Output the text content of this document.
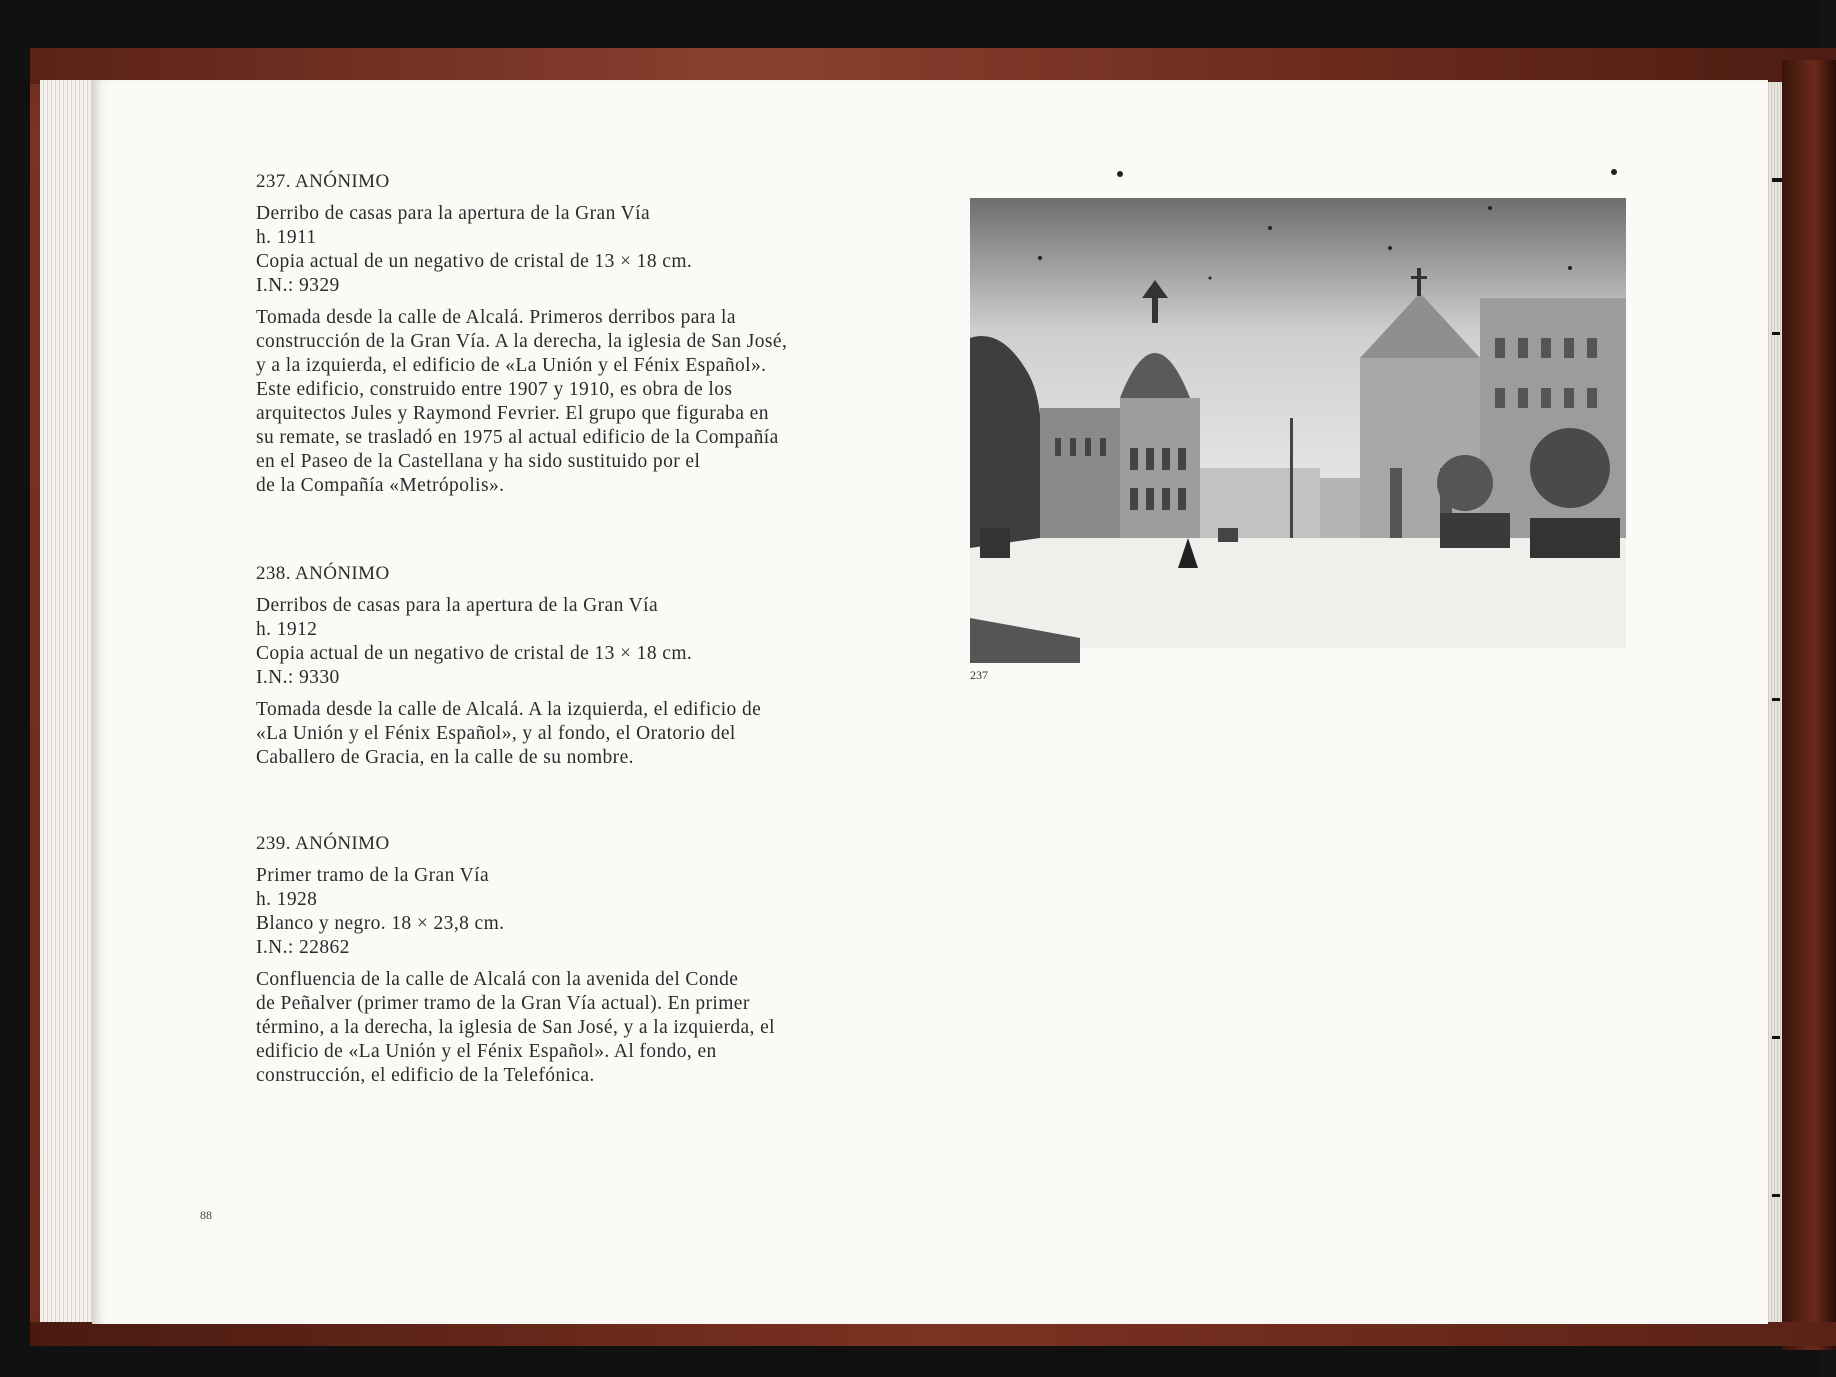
237. ANÓNIMO

Derribo de casas para la apertura de la Gran Vía

h. 1911

Copia actual de un negativo de cristal de 13 × 18 cm.

I.N.: 9329

Tomada desde la calle de Alcalá. Primeros derribos para la

construcción de la Gran Vía. A la derecha, la iglesia de San José,

y a la izquierda, el edificio de «La Unión y el Fénix Español».

Este edificio, construido entre 1907 y 1910, es obra de los

arquitectos Jules y Raymond Fevrier. El grupo que figuraba en

su remate, se trasladó en 1975 al actual edificio de la Compañía

en el Paseo de la Castellana y ha sido sustituido por el

de la Compañía «Metrópolis».

238. ANÓNIMO

Derribos de casas para la apertura de la Gran Vía

h. 1912

Copia actual de un negativo de cristal de 13 × 18 cm.

I.N.: 9330

Tomada desde la calle de Alcalá. A la izquierda, el edificio de

«La Unión y el Fénix Español», y al fondo, el Oratorio del

Caballero de Gracia, en la calle de su nombre.

239. ANÓNIMO

Primer tramo de la Gran Vía

h. 1928

Blanco y negro. 18 × 23,8 cm.

I.N.: 22862

Confluencia de la calle de Alcalá con la avenida del Conde

de Peñalver (primer tramo de la Gran Vía actual). En primer

término, a la derecha, la iglesia de San José, y a la izquierda, el

edificio de «La Unión y el Fénix Español». Al fondo, en

construcción, el edificio de la Telefónica.

237
88
